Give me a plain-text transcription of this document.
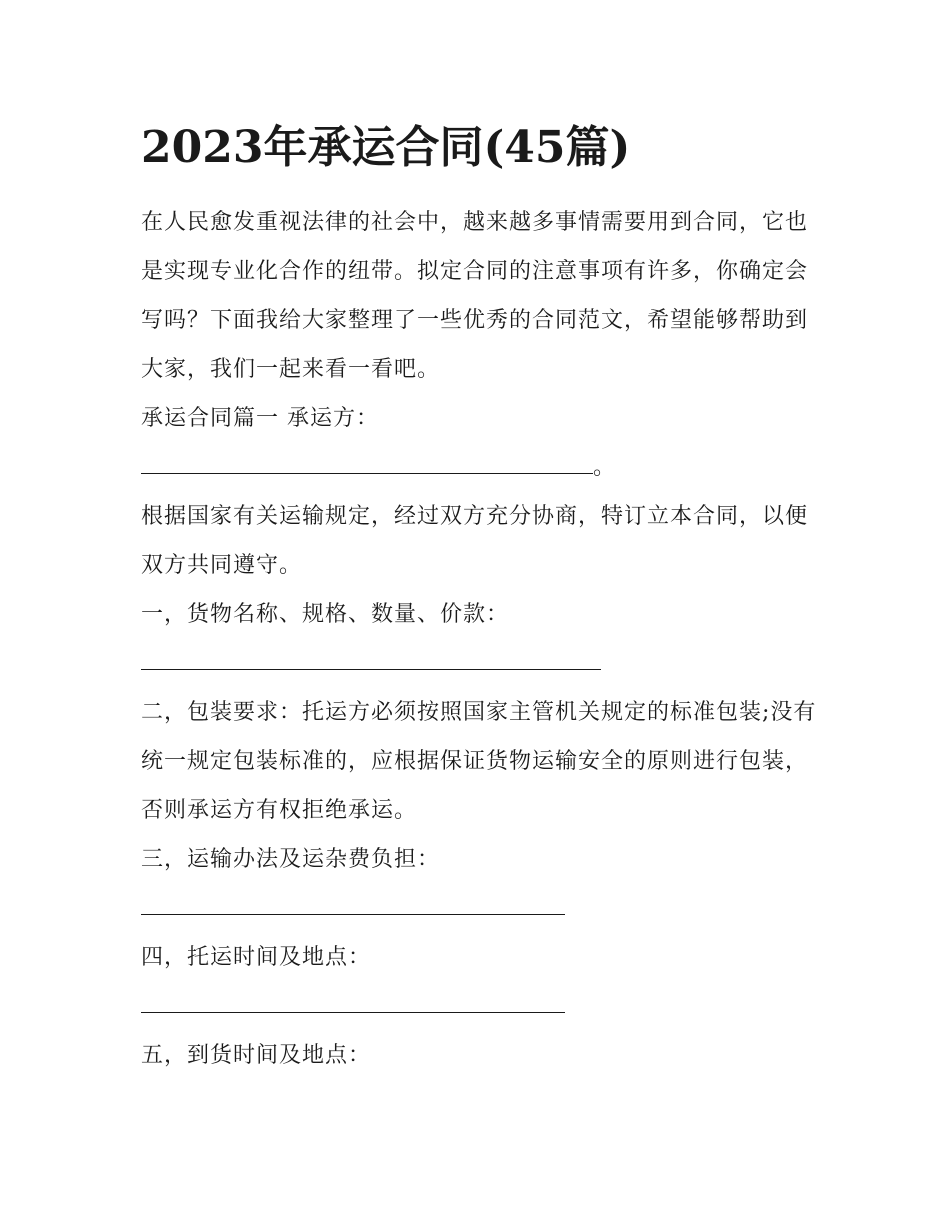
2023年承运合同(45篇)

在人民愈发重视法律的社会中，越来越多事情需要用到合同，它也是实现专业化合作的纽带。拟定合同的注意事项有许多，你确定会写吗？下面我给大家整理了一些优秀的合同范文，希望能够帮助到大家，我们一起来看一看吧。

承运合同篇一 承运方：

。

根据国家有关运输规定，经过双方充分协商，特订立本合同，以便双方共同遵守。

一，货物名称、规格、数量、价款：

二，包装要求：托运方必须按照国家主管机关规定的标准包装;没有统一规定包装标准的，应根据保证货物运输安全的原则进行包装，否则承运方有权拒绝承运。

三，运输办法及运杂费负担：

四，托运时间及地点：

五，到货时间及地点：
